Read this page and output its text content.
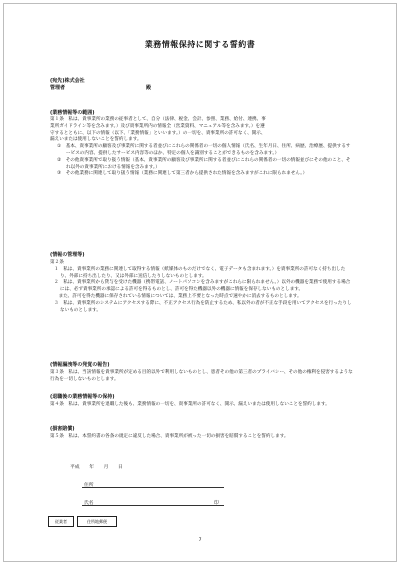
業務情報保持に関する誓約書
(宛先)株式会社
管理者	殿
(業務情報等の範囲)
第１条　私は、貴事業所の業務の従事者として、自分（法律、税金、会計、参照、業務、給付、連携、事
業所ガイドライン等を含みます。）及び貴事業所内の情報全（営業資料、マニュアル等を含みます。）を遵
守するとともに、以下の情報（以下、「業務情報」といいます。）の一切を、貴事業所の許可なく、開示、
漏えいまたは使用しないことを誓約します。
①　基本、貴事業所の顧客及び事業所に関する者並びにこれらの関係者の一切の個人情報（氏名、生年月日、住所、病歴、治療歴、提供するサービスの内容、提供したサービス内容等のほか、特定の個人を識別することができるものを含みます。）
②　その他貴事業所で取り扱う情報（基本、貴事業所の顧客及び事業所に関する者並びにこれらの関係者の一切の情報並びにその他のこと、それ以外の貴事業所における情報を含みます。）
③　その他業務に関連して取り扱う情報（業務に関連して第三者から提供された情報を含みますがこれに限られません。）
(情報の管理等)
第２条
１　私は、貴事業所の業務に関連して取得する情報（紙媒体のものだけでなく、電子データも含まれます。）を貴事業所の許可なく持ち出したり、外部に持ち出したり、又は外部に送信したりしないものとします。
２　私は、貴事業所から貸与を受けた機器（携帯電話、ノートパソコンを含みますがこれらに限られません。）以外の機器を業務で使用する場合には、必ず貴事業所の承認による許可を得るものとし、許可を得た機器以外の機器に情報を保存しないものとします。
　また、許可を得た機器に保存されている情報については、業務上不要となった時点で速やかに消去するものとします。
３　私は、貴事業所のシステムにアクセスする際に、不正アクセス行為を防止するため、私以外の者が不正な手段を用いてアクセスを行ったりしないものとします。
(情報漏洩等の発覚の報告)
第３条　私は、当該情報を貴事業所が定める目的以外で利用しないものとし、患者その他の第三者のプライバシー、その他の権利を侵害するような行為を一切しないものとします。
(退職後の業務情報等の保持)
第４条　私は、貴事業所を退職した後も、業務情報の一切を、貴事業所の許可なく、開示、漏えいまたは使用しないことを誓約します。
(損害賠償)
第５条　私は、本誓約書の各条の規定に違反した場合、貴事業所が被った一切の損害を賠償することを誓約します。
平成　　年　　月　　日
住所
氏名	印
従業者	住所地郵便
7
